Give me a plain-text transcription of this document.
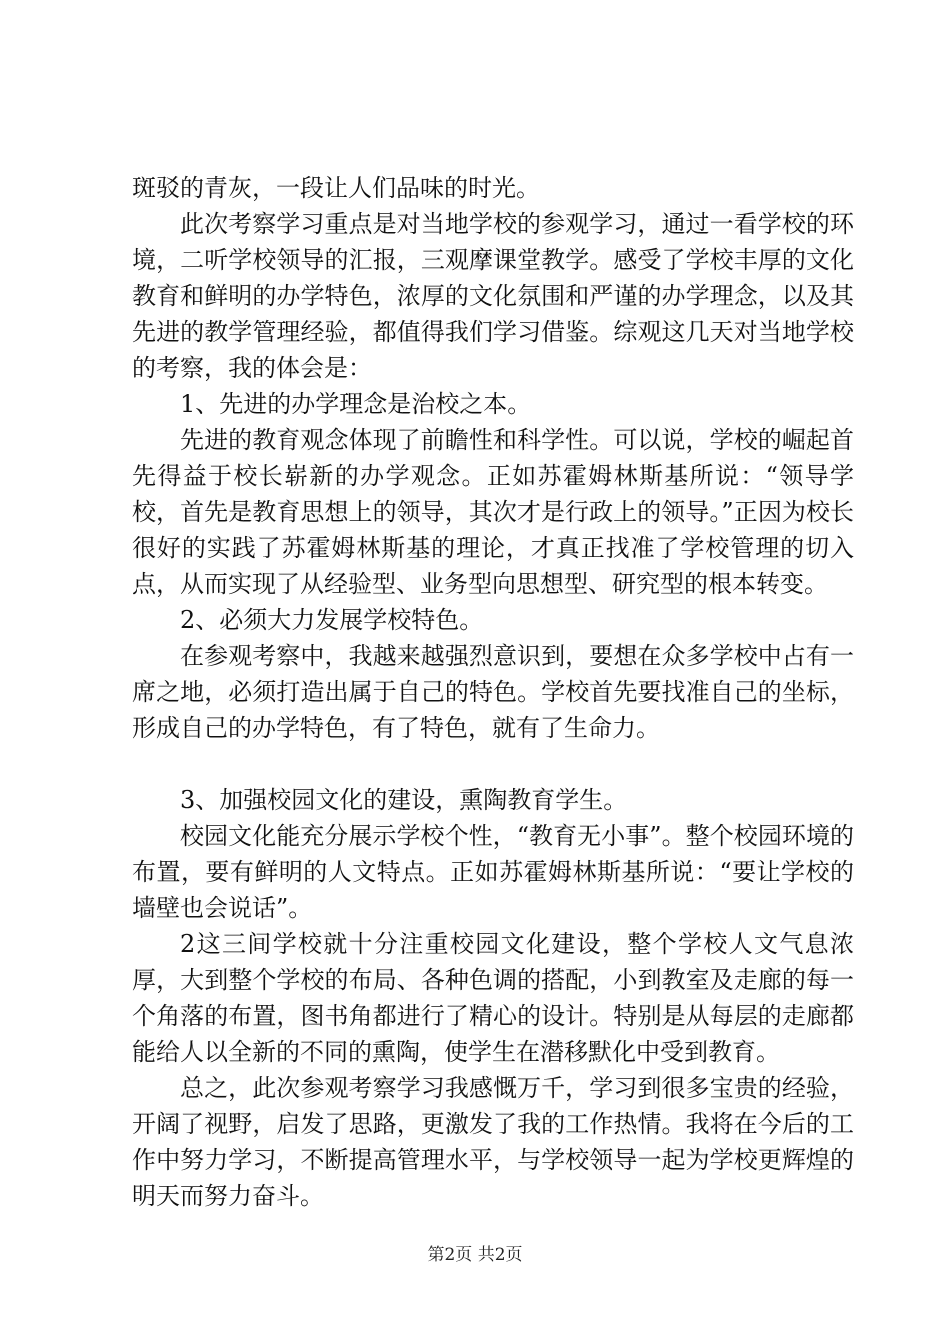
斑驳的青灰，一段让人们品味的时光。

此次考察学习重点是对当地学校的参观学习，通过一看学校的环境，二听学校领导的汇报，三观摩课堂教学。感受了学校丰厚的文化教育和鲜明的办学特色，浓厚的文化氛围和严谨的办学理念，以及其先进的教学管理经验，都值得我们学习借鉴。综观这几天对当地学校的考察，我的体会是：

1、先进的办学理念是治校之本。

先进的教育观念体现了前瞻性和科学性。可以说，学校的崛起首先得益于校长崭新的办学观念。正如苏霍姆林斯基所说：“领导学校，首先是教育思想上的领导，其次才是行政上的领导。”正因为校长很好的实践了苏霍姆林斯基的理论，才真正找准了学校管理的切入点，从而实现了从经验型、业务型向思想型、研究型的根本转变。

2、必须大力发展学校特色。

在参观考察中，我越来越强烈意识到，要想在众多学校中占有一席之地，必须打造出属于自己的特色。学校首先要找准自己的坐标，形成自己的办学特色，有了特色，就有了生命力。

3、加强校园文化的建设，熏陶教育学生。

校园文化能充分展示学校个性，“教育无小事”。整个校园环境的布置，要有鲜明的人文特点。正如苏霍姆林斯基所说：“要让学校的墙壁也会说话”。

2这三间学校就十分注重校园文化建设，整个学校人文气息浓厚，大到整个学校的布局、各种色调的搭配，小到教室及走廊的每一个角落的布置，图书角都进行了精心的设计。特别是从每层的走廊都能给人以全新的不同的熏陶，使学生在潜移默化中受到教育。

总之，此次参观考察学习我感慨万千，学习到很多宝贵的经验，开阔了视野，启发了思路，更激发了我的工作热情。我将在今后的工作中努力学习，不断提高管理水平，与学校领导一起为学校更辉煌的明天而努力奋斗。

第2页 共2页
